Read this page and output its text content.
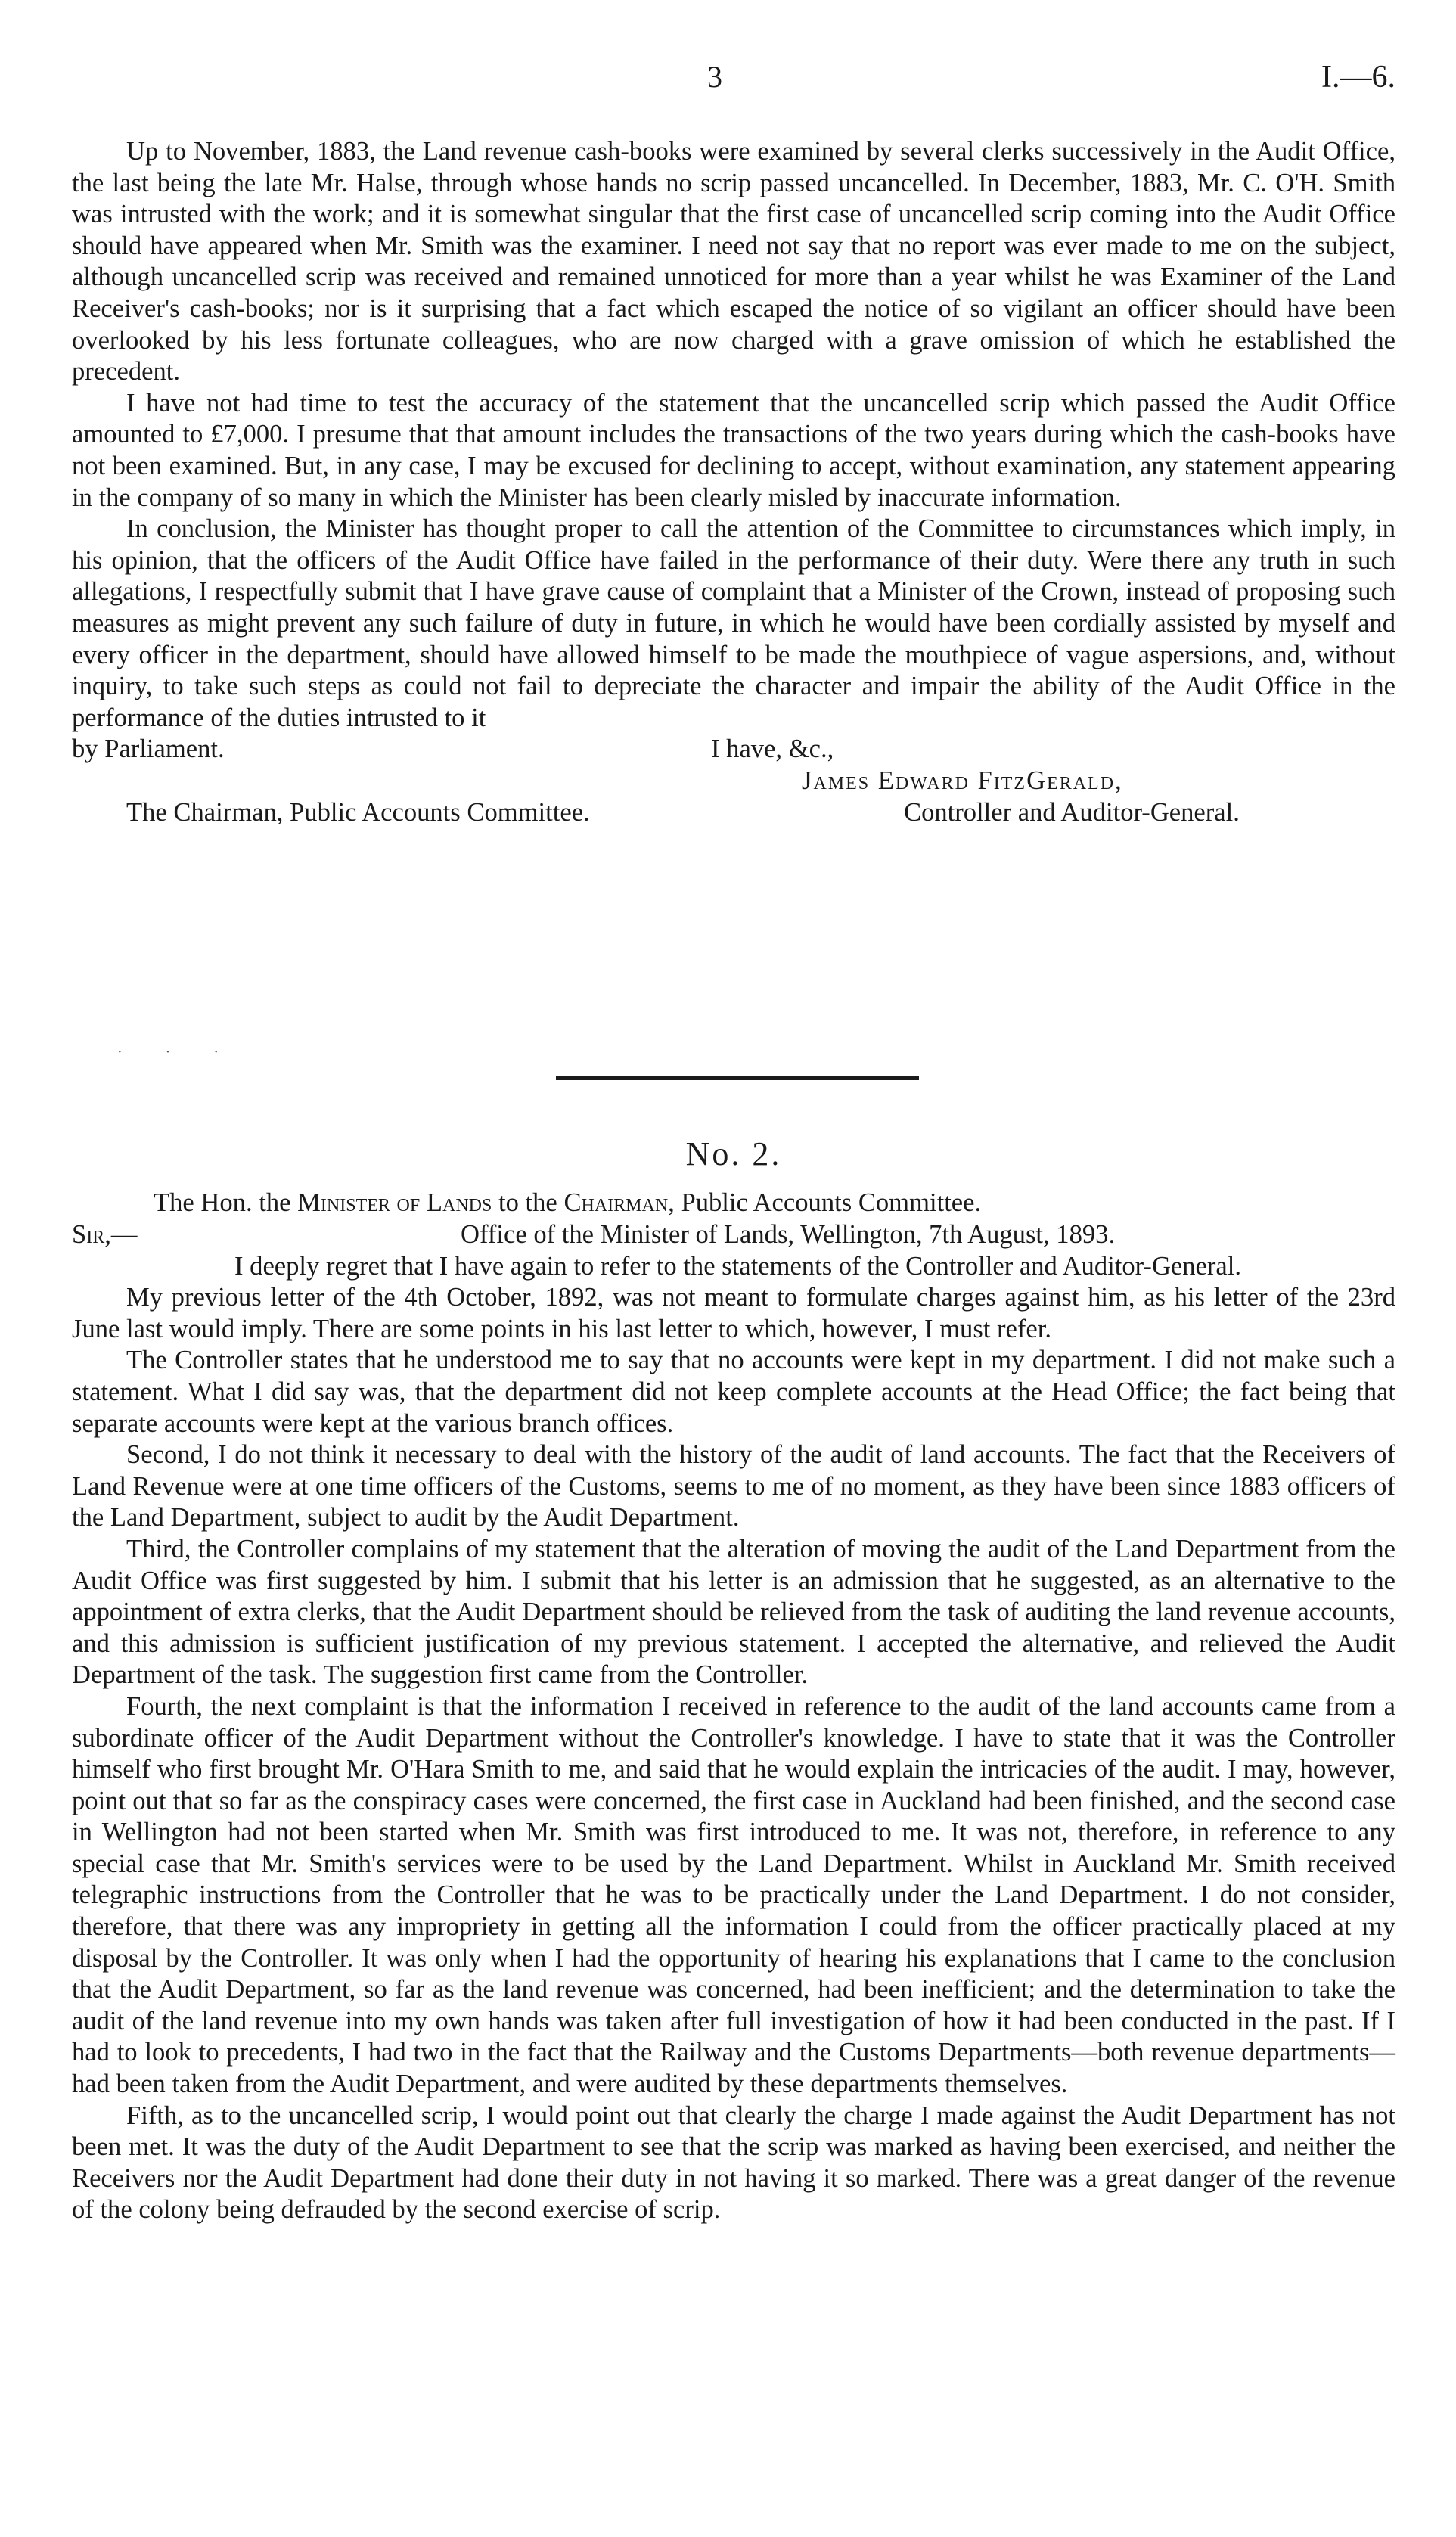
3	I.—6.

Up to November, 1883, the Land revenue cash-books were examined by several clerks successively in the Audit Office, the last being the late Mr. Halse, through whose hands no scrip passed uncancelled. In December, 1883, Mr. C. O'H. Smith was intrusted with the work; and it is somewhat singular that the first case of uncancelled scrip coming into the Audit Office should have appeared when Mr. Smith was the examiner. I need not say that no report was ever made to me on the subject, although uncancelled scrip was received and remained unnoticed for more than a year whilst he was Examiner of the Land Receiver's cash-books; nor is it surprising that a fact which escaped the notice of so vigilant an officer should have been overlooked by his less fortunate colleagues, who are now charged with a grave omission of which he established the precedent.

I have not had time to test the accuracy of the statement that the uncancelled scrip which passed the Audit Office amounted to £7,000. I presume that that amount includes the transactions of the two years during which the cash-books have not been examined. But, in any case, I may be excused for declining to accept, without examination, any statement appearing in the company of so many in which the Minister has been clearly misled by inaccurate information.

In conclusion, the Minister has thought proper to call the attention of the Committee to circumstances which imply, in his opinion, that the officers of the Audit Office have failed in the performance of their duty. Were there any truth in such allegations, I respectfully submit that I have grave cause of complaint that a Minister of the Crown, instead of proposing such measures as might prevent any such failure of duty in future, in which he would have been cordially assisted by myself and every officer in the department, should have allowed himself to be made the mouthpiece of vague aspersions, and, without inquiry, to take such steps as could not fail to depreciate the character and impair the ability of the Audit Office in the performance of the duties intrusted to it

by Parliament.	I have, &c.,
James Edward FitzGerald,
The Chairman, Public Accounts Committee.	Controller and Auditor-General.
· · ·
No. 2.
The Hon. the Minister of Lands to the Chairman, Public Accounts Committee.
Sir,—	Office of the Minister of Lands, Wellington, 7th August, 1893.

I deeply regret that I have again to refer to the statements of the Controller and Auditor-General.

My previous letter of the 4th October, 1892, was not meant to formulate charges against him, as his letter of the 23rd June last would imply. There are some points in his last letter to which, however, I must refer.

The Controller states that he understood me to say that no accounts were kept in my department. I did not make such a statement. What I did say was, that the department did not keep complete accounts at the Head Office; the fact being that separate accounts were kept at the various branch offices.

Second, I do not think it necessary to deal with the history of the audit of land accounts. The fact that the Receivers of Land Revenue were at one time officers of the Customs, seems to me of no moment, as they have been since 1883 officers of the Land Department, subject to audit by the Audit Department.

Third, the Controller complains of my statement that the alteration of moving the audit of the Land Department from the Audit Office was first suggested by him. I submit that his letter is an admission that he suggested, as an alternative to the appointment of extra clerks, that the Audit Department should be relieved from the task of auditing the land revenue accounts, and this admission is sufficient justification of my previous statement. I accepted the alternative, and relieved the Audit Department of the task. The suggestion first came from the Controller.

Fourth, the next complaint is that the information I received in reference to the audit of the land accounts came from a subordinate officer of the Audit Department without the Controller's knowledge. I have to state that it was the Controller himself who first brought Mr. O'Hara Smith to me, and said that he would explain the intricacies of the audit. I may, however, point out that so far as the conspiracy cases were concerned, the first case in Auckland had been finished, and the second case in Wellington had not been started when Mr. Smith was first introduced to me. It was not, therefore, in reference to any special case that Mr. Smith's services were to be used by the Land Department. Whilst in Auckland Mr. Smith received telegraphic instructions from the Controller that he was to be practically under the Land Department. I do not consider, therefore, that there was any impropriety in getting all the information I could from the officer practically placed at my disposal by the Controller. It was only when I had the opportunity of hearing his explanations that I came to the conclusion that the Audit Department, so far as the land revenue was concerned, had been inefficient; and the determination to take the audit of the land revenue into my own hands was taken after full investigation of how it had been conducted in the past. If I had to look to precedents, I had two in the fact that the Railway and the Customs Departments—both revenue departments—had been taken from the Audit Department, and were audited by these departments themselves.

Fifth, as to the uncancelled scrip, I would point out that clearly the charge I made against the Audit Department has not been met. It was the duty of the Audit Department to see that the scrip was marked as having been exercised, and neither the Receivers nor the Audit Department had done their duty in not having it so marked. There was a great danger of the revenue of the colony being defrauded by the second exercise of scrip.
